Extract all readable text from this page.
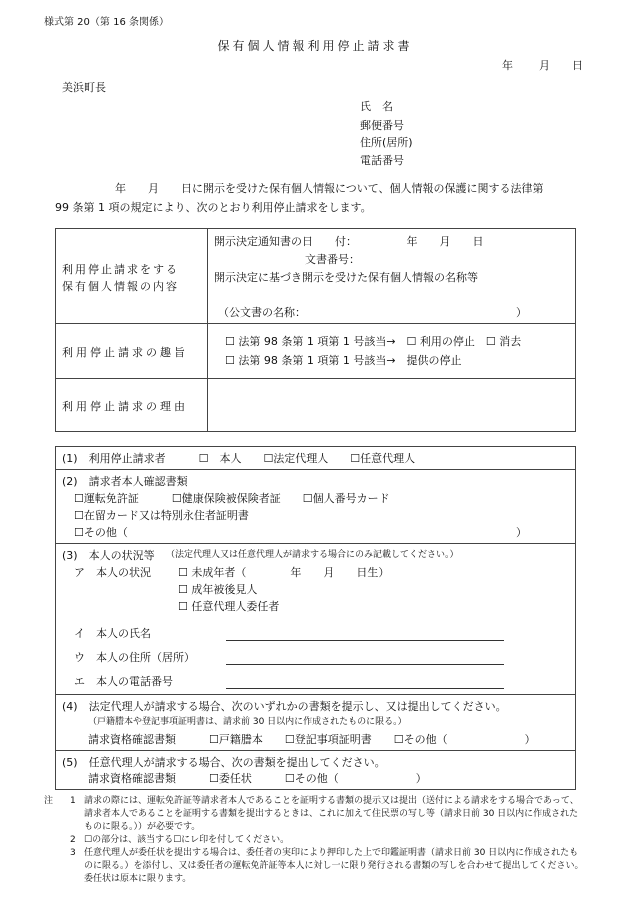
様式第 20（第 16 条関係）
保有個人情報利用停止請求書
年 月 日
美浜町長
氏　名
郵便番号
住所(居所)
電話番号
年　　月　　日に開示を受けた保有個人情報について、個人情報の保護に関する法律第
99 条第 1 項の規定により、次のとおり利用停止請求をします。
利用停止請求をする
保有個人情報の内容
開示決定通知書の日　　付：　　　　　年　　月　　日
文書番号：
開示決定に基づき開示を受けた保有個人情報の名称等
（公文書の名称：	）
利用停止請求の趣旨
☐ 法第 98 条第 1 項第 1 号該当→　☐ 利用の停止　☐ 消去
☐ 法第 98 条第 1 項第 1 号該当→　提供の停止
利用停止請求の理由
(1)　利用停止請求者　　　☐　本人　　☐法定代理人　　☐任意代理人
(2)　請求者本人確認書類
☐運転免許証　　　☐健康保険被保険者証　　☐個人番号カード
☐在留カード又は特別永住者証明書
☐その他（	）
(3)　本人の状況等 （法定代理人又は任意代理人が請求する場合にのみ記載してください。）
ア　本人の状況 ☐ 未成年者（　　　　年　　月　　日生）
☐ 成年被後見人
☐ 任意代理人委任者
イ　本人の氏名
ウ　本人の住所（居所）
エ　本人の電話番号
(4)　法定代理人が請求する場合、次のいずれかの書類を提示し、又は提出してください。
（戸籍謄本や登記事項証明書は、請求前 30 日以内に作成されたものに限る。）
請求資格確認書類　　　☐戸籍謄本　　☐登記事項証明書　　☐その他（　　　　　　　）
(5)　任意代理人が請求する場合、次の書類を提出してください。
請求資格確認書類　　　☐委任状　　　☐その他（　　　　　　　）
注 1 請求の際には、運転免許証等請求者本人であることを証明する書類の提示又は提出（送付による請求をする場合であって、請求者本人であることを証明する書類を提出するときは、これに加えて住民票の写し等（請求日前 30 日以内に作成されたものに限る。））が必要です。
2 ☐の部分は、該当する☐にレ印を付してください。
3 任意代理人が委任状を提出する場合は、委任者の実印により押印した上で印鑑証明書（請求日前 30 日以内に作成されたものに限る。）を添付し、又は委任者の運転免許証等本人に対し一に限り発行される書類の写しを合わせて提出してください。委任状は原本に限ります。
